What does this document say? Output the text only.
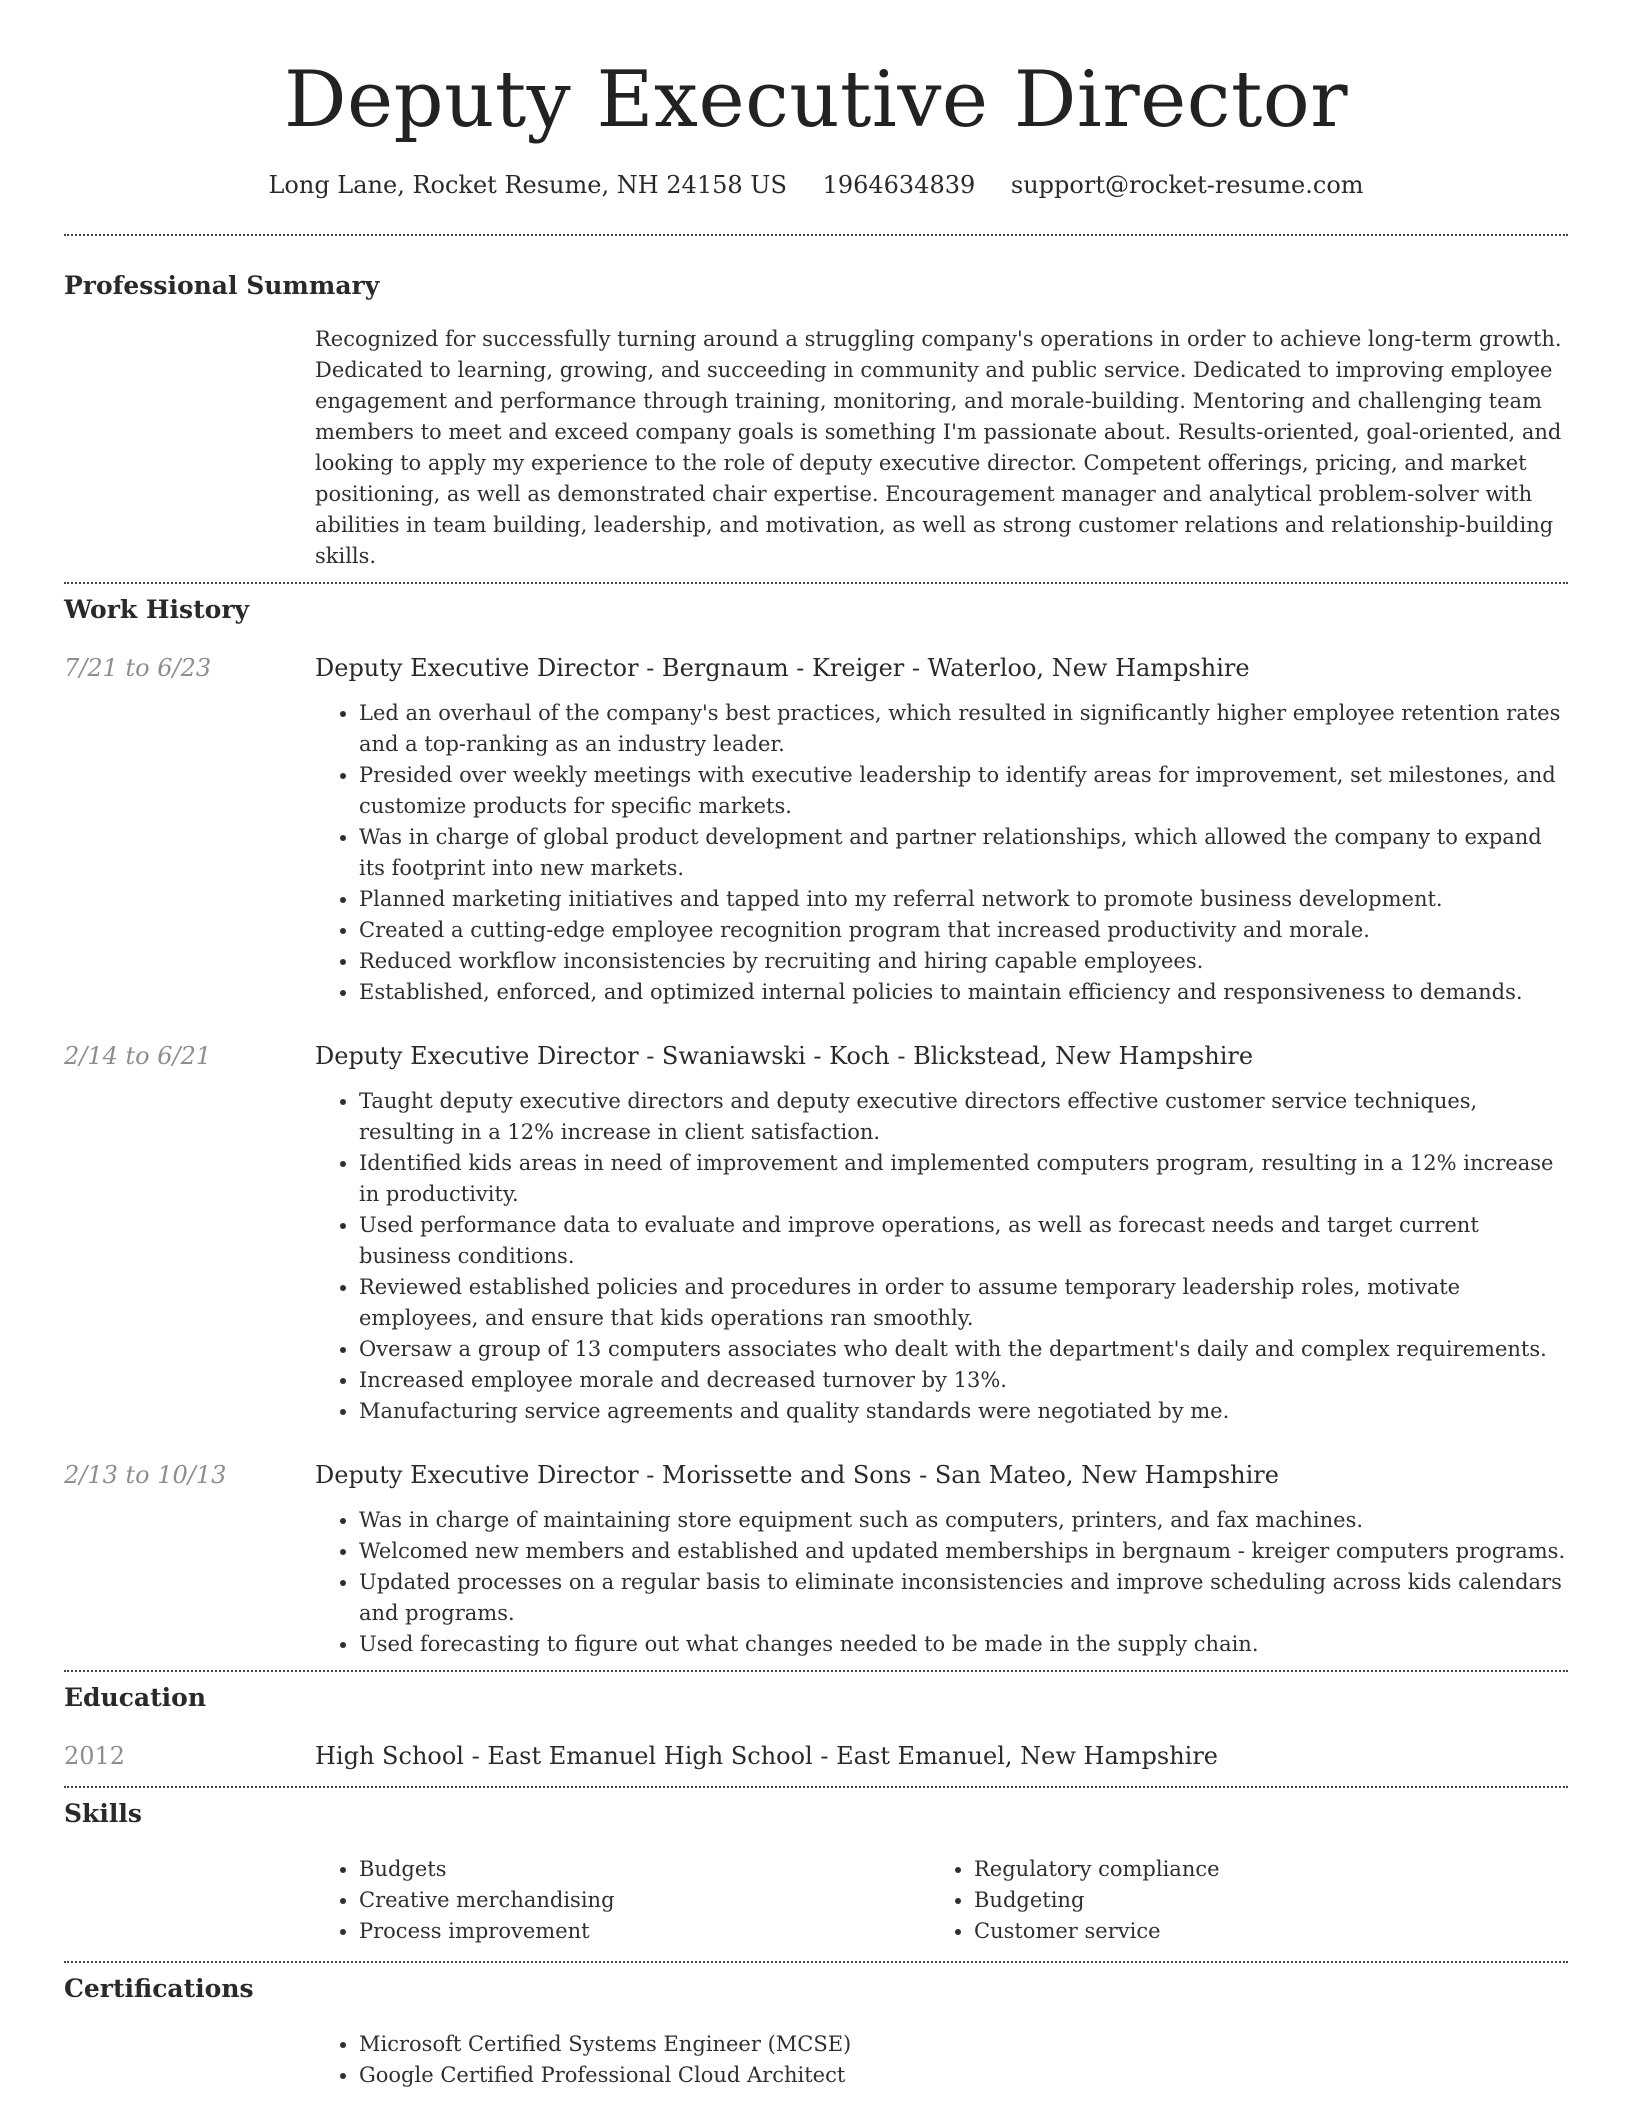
Deputy Executive Director
Long Lane, Rocket Resume, NH 24158 US 1964634839 support@rocket-resume.com
Professional Summary
Recognized for successfully turning around a struggling company's operations in order to achieve long-term growth. Dedicated to learning, growing, and succeeding in community and public service. Dedicated to improving employee engagement and performance through training, monitoring, and morale-building. Mentoring and challenging team members to meet and exceed company goals is something I'm passionate about. Results-oriented, goal-oriented, and looking to apply my experience to the role of deputy executive director. Competent offerings, pricing, and market positioning, as well as demonstrated chair expertise. Encouragement manager and analytical problem-solver with abilities in team building, leadership, and motivation, as well as strong customer relations and relationship-building skills.
Work History
7/21 to 6/23	Deputy Executive Director - Bergnaum - Kreiger - Waterloo, New Hampshire
• Led an overhaul of the company's best practices, which resulted in significantly higher employee retention rates and a top-ranking as an industry leader.
• Presided over weekly meetings with executive leadership to identify areas for improvement, set milestones, and customize products for specific markets.
• Was in charge of global product development and partner relationships, which allowed the company to expand its footprint into new markets.
• Planned marketing initiatives and tapped into my referral network to promote business development.
• Created a cutting-edge employee recognition program that increased productivity and morale.
• Reduced workflow inconsistencies by recruiting and hiring capable employees.
• Established, enforced, and optimized internal policies to maintain efficiency and responsiveness to demands.
2/14 to 6/21	Deputy Executive Director - Swaniawski - Koch - Blickstead, New Hampshire
• Taught deputy executive directors and deputy executive directors effective customer service techniques, resulting in a 12% increase in client satisfaction.
• Identified kids areas in need of improvement and implemented computers program, resulting in a 12% increase in productivity.
• Used performance data to evaluate and improve operations, as well as forecast needs and target current business conditions.
• Reviewed established policies and procedures in order to assume temporary leadership roles, motivate employees, and ensure that kids operations ran smoothly.
• Oversaw a group of 13 computers associates who dealt with the department's daily and complex requirements.
• Increased employee morale and decreased turnover by 13%.
• Manufacturing service agreements and quality standards were negotiated by me.
2/13 to 10/13	Deputy Executive Director - Morissette and Sons - San Mateo, New Hampshire
• Was in charge of maintaining store equipment such as computers, printers, and fax machines.
• Welcomed new members and established and updated memberships in bergnaum - kreiger computers programs.
• Updated processes on a regular basis to eliminate inconsistencies and improve scheduling across kids calendars and programs.
• Used forecasting to figure out what changes needed to be made in the supply chain.
Education
2012	High School - East Emanuel High School - East Emanuel, New Hampshire
Skills
• Budgets
• Creative merchandising
• Process improvement
• Regulatory compliance
• Budgeting
• Customer service
Certifications
• Microsoft Certified Systems Engineer (MCSE)
• Google Certified Professional Cloud Architect
